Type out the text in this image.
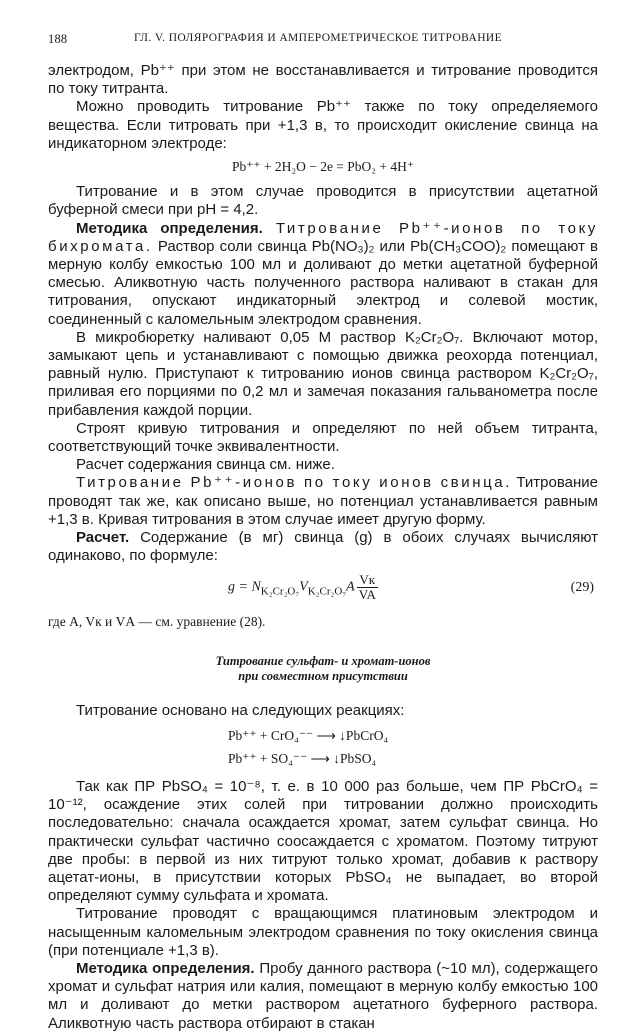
188	ГЛ. V. ПОЛЯРОГРАФИЯ И АМПЕРОМЕТРИЧЕСКОЕ ТИТРОВАНИЕ

электродом, Pb⁺⁺ при этом не восстанавливается и титрование проводится по току титранта.

Можно проводить титрование Pb⁺⁺ также по току определяемого вещества. Если титровать при +1,3 в, то происходит окисление свинца на индикаторном электроде:

Pb⁺⁺ + 2H₂O − 2e = PbO₂ + 4H⁺

Титрование и в этом случае проводится в присутствии ацетатной буферной смеси при pH = 4,2.

Методика определения. Титрование Pb⁺⁺-ионов по току бихромата. Раствор соли свинца Pb(NO₃)₂ или Pb(CH₃COO)₂ помещают в мерную колбу емкостью 100 мл и доливают до метки ацетатной буферной смесью. Аликвотную часть полученного раствора наливают в стакан для титрования, опускают индикаторный электрод и солевой мостик, соединенный с каломельным электродом сравнения.

В микробюретку наливают 0,05 М раствор K₂Cr₂O₇. Включают мотор, замыкают цепь и устанавливают с помощью движка реохорда потенциал, равный нулю. Приступают к титрованию ионов свинца раствором K₂Cr₂O₇, приливая его порциями по 0,2 мл и замечая показания гальванометра после прибавления каждой порции.

Строят кривую титрования и определяют по ней объем титранта, соответствующий точке эквивалентности.

Расчет содержания свинца см. ниже.

Титрование Pb⁺⁺-ионов по току ионов свинца. Титрование проводят так же, как описано выше, но потенциал устанавливается равным +1,3 в. Кривая титрования в этом случае имеет другую форму.

Расчет. Содержание (в мг) свинца (g) в обоих случаях вычисляют одинаково, по формуле:

$g = N_{K_2Cr_2O_7}V_{K_2Cr_2O_7}A \frac{Vк}{VA}$	(29)

где A, Vк и VА — см. уравнение (28).

Титрование сульфат- и хромат-ионов
при совместном присутствии

Титрование основано на следующих реакциях:

Pb⁺⁺ + CrO₄⁻⁻ ⟶ ↓PbCrO₄
Pb⁺⁺ + SO₄⁻⁻ ⟶ ↓PbSO₄

Так как ПР PbSO₄ = 10⁻⁸, т. е. в 10 000 раз больше, чем ПР PbCrO₄ = 10⁻¹², осаждение этих солей при титровании должно происходить последовательно: сначала осаждается хромат, затем сульфат свинца. Но практически сульфат частично соосаждается с хроматом. Поэтому титруют две пробы: в первой из них титруют только хромат, добавив к раствору ацетат-ионы, в присутствии которых PbSO₄ не выпадает, во второй определяют сумму сульфата и хромата.

Титрование проводят с вращающимся платиновым электродом и насыщенным каломельным электродом сравнения по току окисления свинца (при потенциале +1,3 в).

Методика определения. Пробу данного раствора (~10 мл), содержащего хромат и сульфат натрия или калия, помещают в мерную колбу емкостью 100 мл и доливают до метки раствором ацетатного буферного раствора. Аликвотную часть раствора отбирают в стакан
